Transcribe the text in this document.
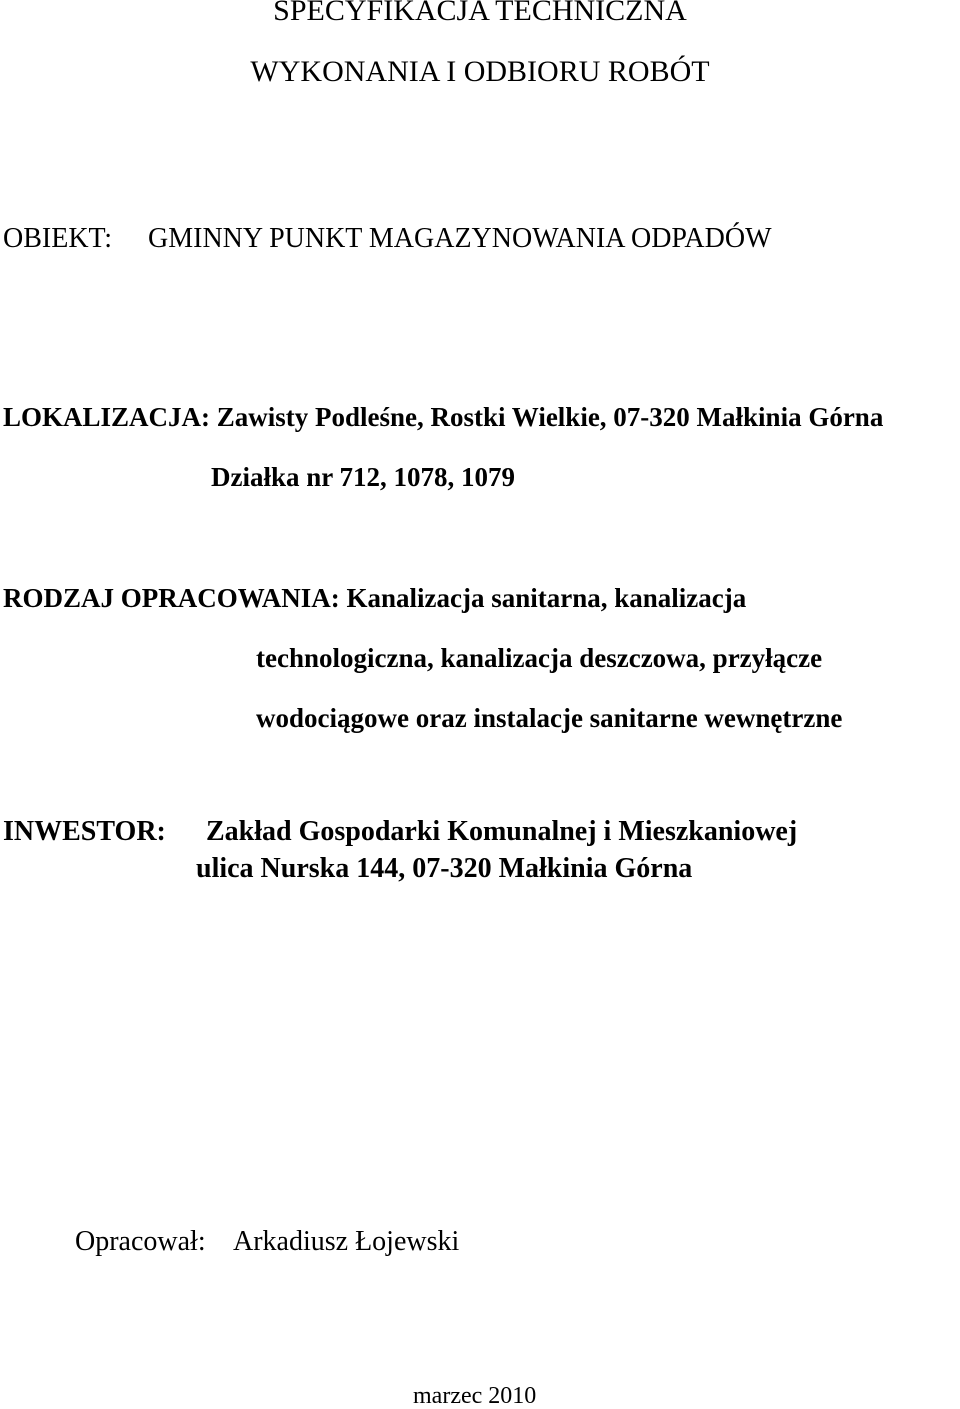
SPECYFIKACJA TECHNICZNA
WYKONANIA I ODBIORU ROBÓT
OBIEKT: GMINNY PUNKT MAGAZYNOWANIA ODPADÓW
LOKALIZACJA: Zawisty Podleśne, Rostki Wielkie, 07-320 Małkinia Górna
Działka nr 712, 1078, 1079
RODZAJ OPRACOWANIA: Kanalizacja sanitarna, kanalizacja
technologiczna, kanalizacja deszczowa, przyłącze
wodociągowe oraz instalacje sanitarne wewnętrzne
INWESTOR: Zakład Gospodarki Komunalnej i Mieszkaniowej
ulica Nurska 144, 07-320 Małkinia Górna
Opracował: Arkadiusz Łojewski
marzec 2010
